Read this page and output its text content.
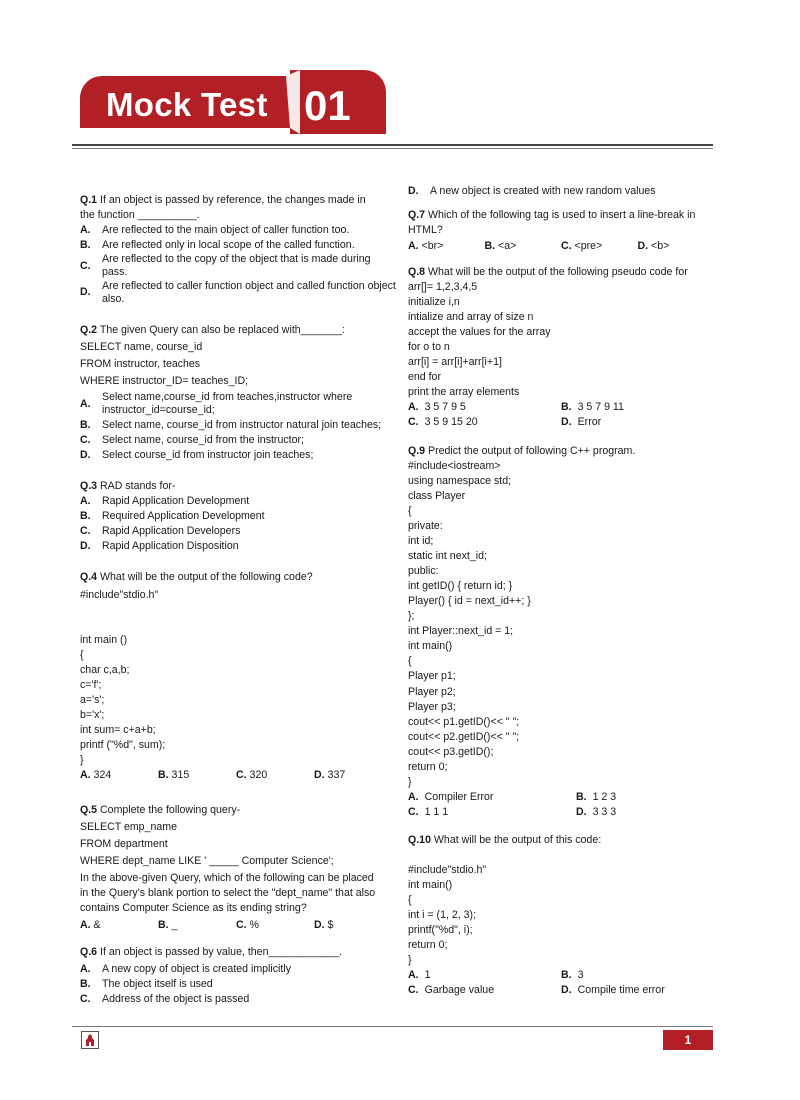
Mock Test 01
Q.1 If an object is passed by reference, the changes made in
the function __________.
A.	Are reflected to the main object of caller function too.
B.	Are reflected only in local scope of the called function.
C.
Are reflected to the copy of the object that is made during pass.
D.
Are reflected to caller function object and called function object also.
Q.2 The given Query can also be replaced with_______:
SELECT name, course_id
FROM instructor, teaches
WHERE instructor_ID= teaches_ID;
A.
Select name,course_id from teaches,instructor where instructor_id=course_id;
B.	Select name, course_id from instructor natural join teaches;
C.	Select name, course_id from the instructor;
D.	Select course_id from instructor join teaches;
Q.3 RAD stands for-
A.	Rapid Application Development
B.	Required Application Development
C.	Rapid Application Developers
D.	Rapid Application Disposition
Q.4 What will be the output of the following code?
#include"stdio.h"
int main ()
{
char c,a,b;
c='f';
a='s';
b='x';
int sum= c+a+b;
printf ("%d", sum);
}
A. 324	B. 315	C. 320	D. 337
Q.5 Complete the following query-
SELECT emp_name
FROM department
WHERE dept_name LIKE ' _____ Computer Science';
In the above-given Query, which of the following can be placed
in the Query's blank portion to select the "dept_name" that also
contains Computer Science as its ending string?
A. &	B. _	C. %	D. $
Q.6 If an object is passed by value, then____________.
A.	A new copy of object is created implicitly
B.	The object itself is used
C.	Address of the object is passed
D.	A new object is created with new random values
Q.7 Which of the following tag is used to insert a line-break in
HTML?
A. <br>	B. <a>	C. <pre>	D. <b>
Q.8 What will be the output of the following pseudo code for
arr[]= 1,2,3,4,5
initialize i,n
intialize and array of size n
accept the values for the array
for o to n
arr[i] = arr[i]+arr[i+1]
end for
print the array elements
A. 3 5 7 9 5	B. 3 5 7 9 11
C. 3 5 9 15 20	D. Error
Q.9 Predict the output of following C++ program.
#include<iostream>
using namespace std;
class Player
{
private:
int id;
static int next_id;
public:
int getID() { return id; }
Player() { id = next_id++; }
};
int Player::next_id = 1;
int main()
{
Player p1;
Player p2;
Player p3;
cout<< p1.getID()<< " ";
cout<< p2.getID()<< " ";
cout<< p3.getID();
return 0;
}
A. Compiler Error	B. 1 2 3
C. 1 1 1	D. 3 3 3
Q.10 What will be the output of this code:
#include"stdio.h"
int main()
{
int i = (1, 2, 3);
printf("%d", i);
return 0;
}
A. 1	B. 3
C. Garbage value	D. Compile time error
1
